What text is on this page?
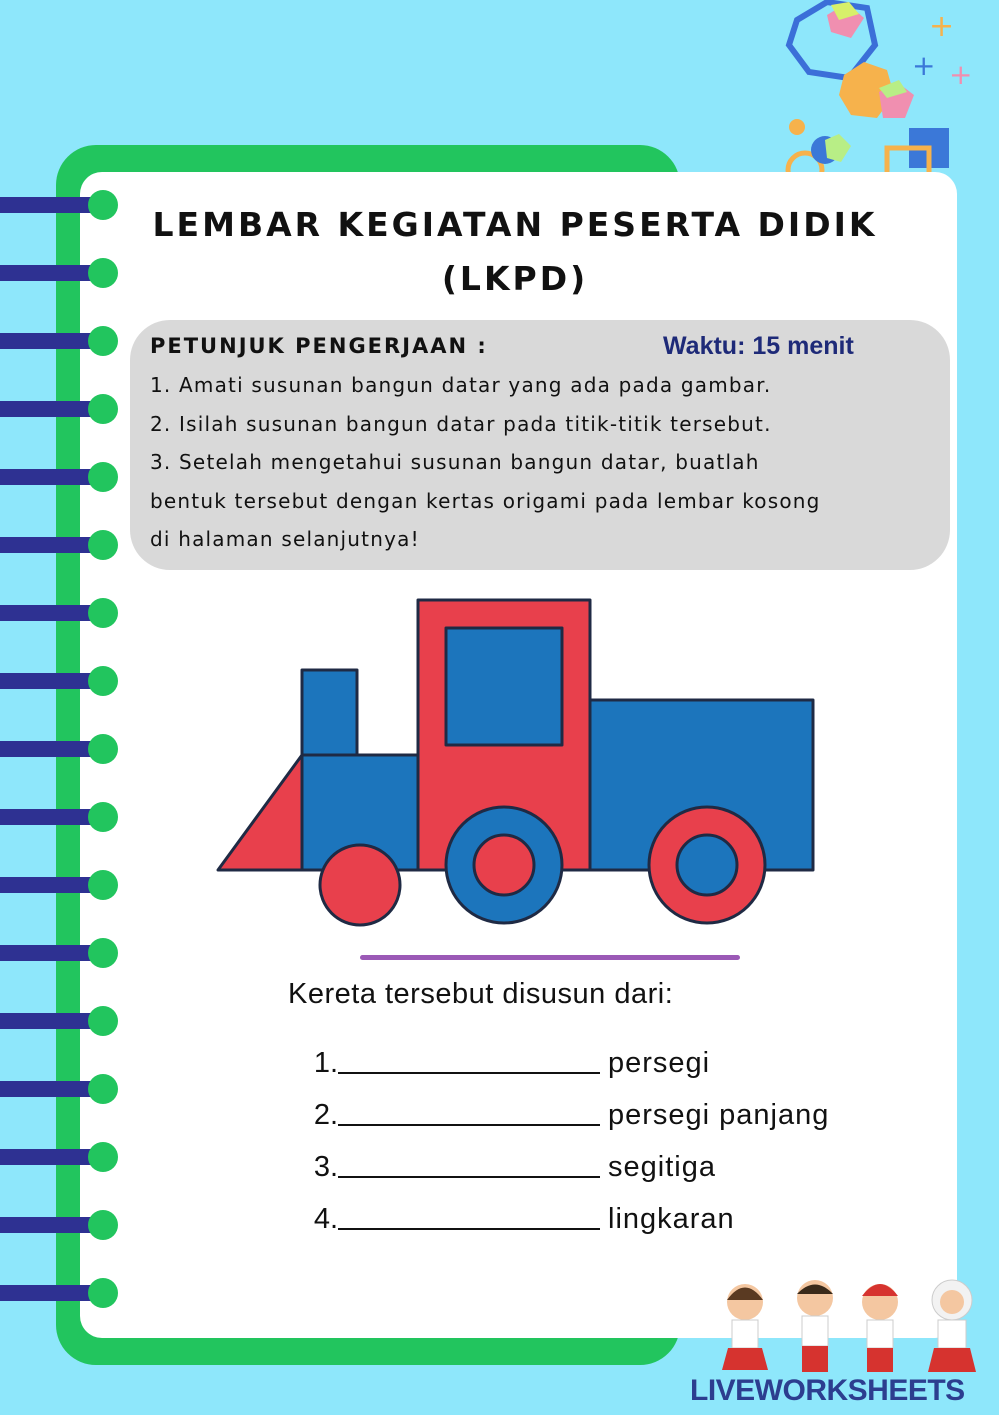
+
+ +
LEMBAR KEGIATAN PESERTA DIDIK
(LKPD)
PETUNJUK PENGERJAAN :	Waktu: 15 menit
1. Amati susunan bangun datar yang ada pada gambar.
2. Isilah susunan bangun datar pada titik-titik tersebut.
3. Setelah mengetahui susunan bangun datar, buatlah
bentuk tersebut dengan kertas origami pada lembar kosong
di halaman selanjutnya!
Kereta tersebut disusun dari:
1.	persegi
2.	persegi panjang
3.	segitiga
4.	lingkaran
LIVEWORKSHEETS
